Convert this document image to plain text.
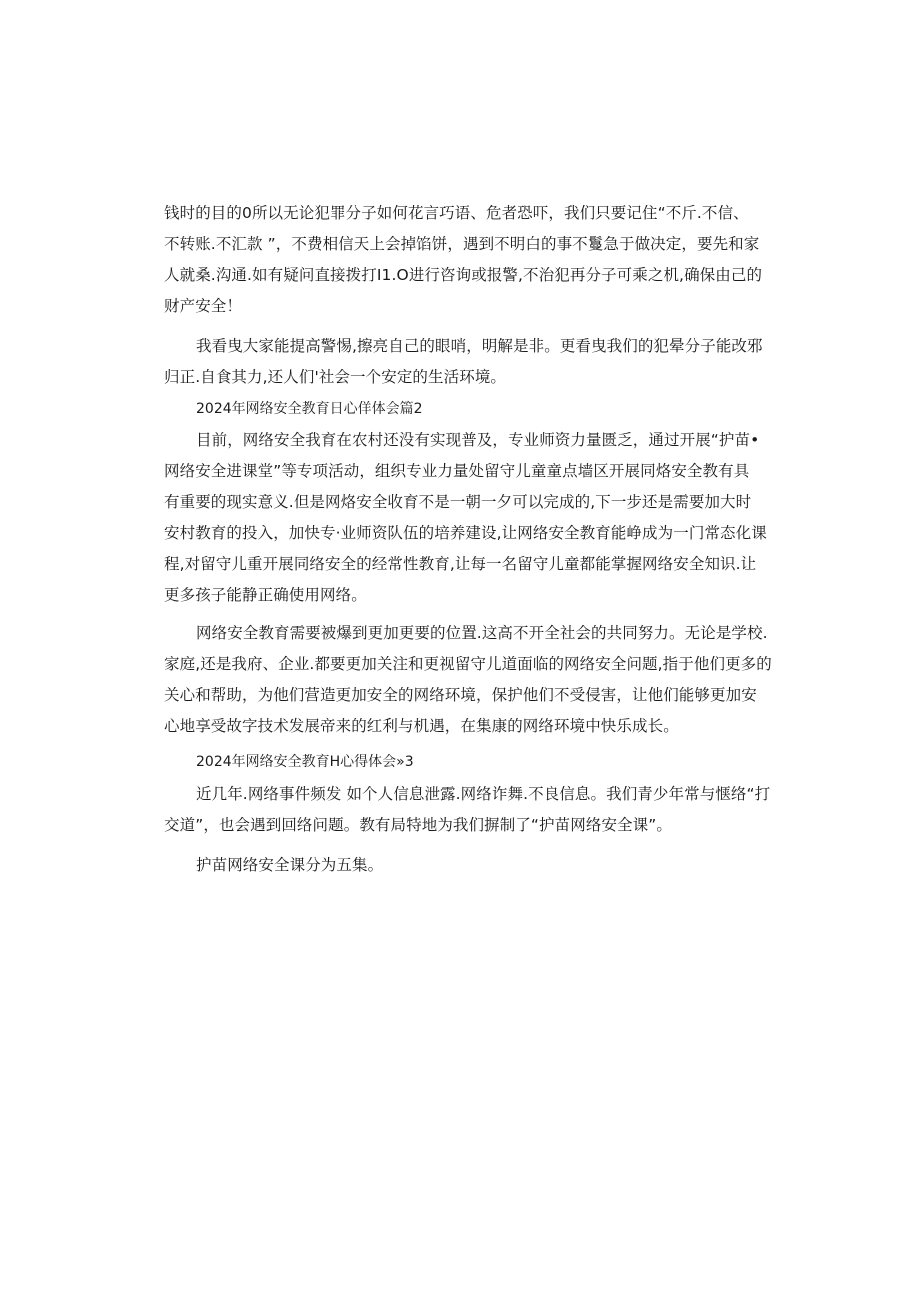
钱时的目的0所以无论犯罪分子如何花言巧语、危者恐吓，我们只要记住“不斤.不信、
不转账.不汇款 ”，不费相信天上会掉馅饼，遇到不明白的事不鬘急于做决定，要先和家
人就桑.沟通.如有疑问直接拨打I1.O进行咨询或报警,不治犯再分子可乘之机,确保由己的
财产安全！
我看曳大家能提高警惕,擦亮自己的眼哨，明解是非。更看曳我们的犯晕分子能改邪
归正.自食其力,还人们'社会一个安定的生活环境。
2024年网络安全教育日心佯体会篇2
目前，网络安全我育在农村还没有实现普及，专业师资力量匮乏，通过开展“护苗•
网络安全进课堂”等专项活动，组织专业力量处留守儿童童点墙区开展同烙安全教有具
有重要的现实意义.但是网烙安全收育不是一朝一夕可以完成的,下一步还是需要加大时
安村教育的投入，加快专·业师资队伍的培养建设,让网络安全教育能峥成为一门常态化课
程,对留守儿重开展同络安全的经常性教育,让每一名留守儿童都能掌握网络安全知识.让
更多孩子能静正确使用网络。
网络安全教育需要被爆到更加更要的位置.这高不开全社会的共同努力。无论是学校.
家庭,还是我府、企业.都要更加关注和更视留守儿道面临的网络安全问题,指于他们更多的
关心和帮助，为他们营造更加安全的网络环境，保护他们不受侵害，让他们能够更加安
心地享受故字技术发展帝来的红利与机遇，在集康的网络环境中快乐成长。
2024年网络安全教育H心得体会»3
近几年.网络事件频发 如个人信息泄露.网络诈舞.不良信息。我们青少年常与惬络“打
交道”，也会遇到回络问题。教有局特地为我们摒制了“护苗网络安全课”。
护苗网络安全课分为五集。
